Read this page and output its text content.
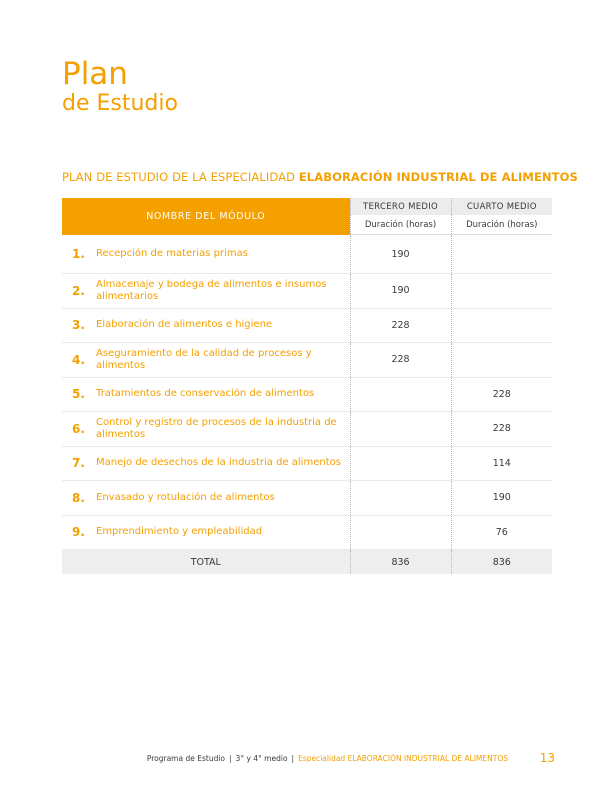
Plan
de Estudio
PLAN DE ESTUDIO DE LA ESPECIALIDAD ELABORACIÓN INDUSTRIAL DE ALIMENTOS
NOMBRE DEL MÓDULO		TERCERO MEDIO	CUARTO MEDIO
		Duración (horas)	Duración (horas)
1.	Recepción de materias primas	190	
2.	Almacenaje y bodega de alimentos e insumos alimentarios	190	
3.	Elaboración de alimentos e higiene	228	
4.	Aseguramiento de la calidad de procesos y alimentos	228	
5.	Tratamientos de conservación de alimentos		228
6.	Control y registro de procesos de la industria de alimentos		228
7.	Manejo de desechos de la industria de alimentos		114
8.	Envasado y rotulación de alimentos		190
9.	Emprendimiento y empleabilidad		76
TOTAL		836	836
Programa de Estudio | 3° y 4° medio | Especialidad ELABORACIÓN INDUSTRIAL DE ALIMENTOS	13
